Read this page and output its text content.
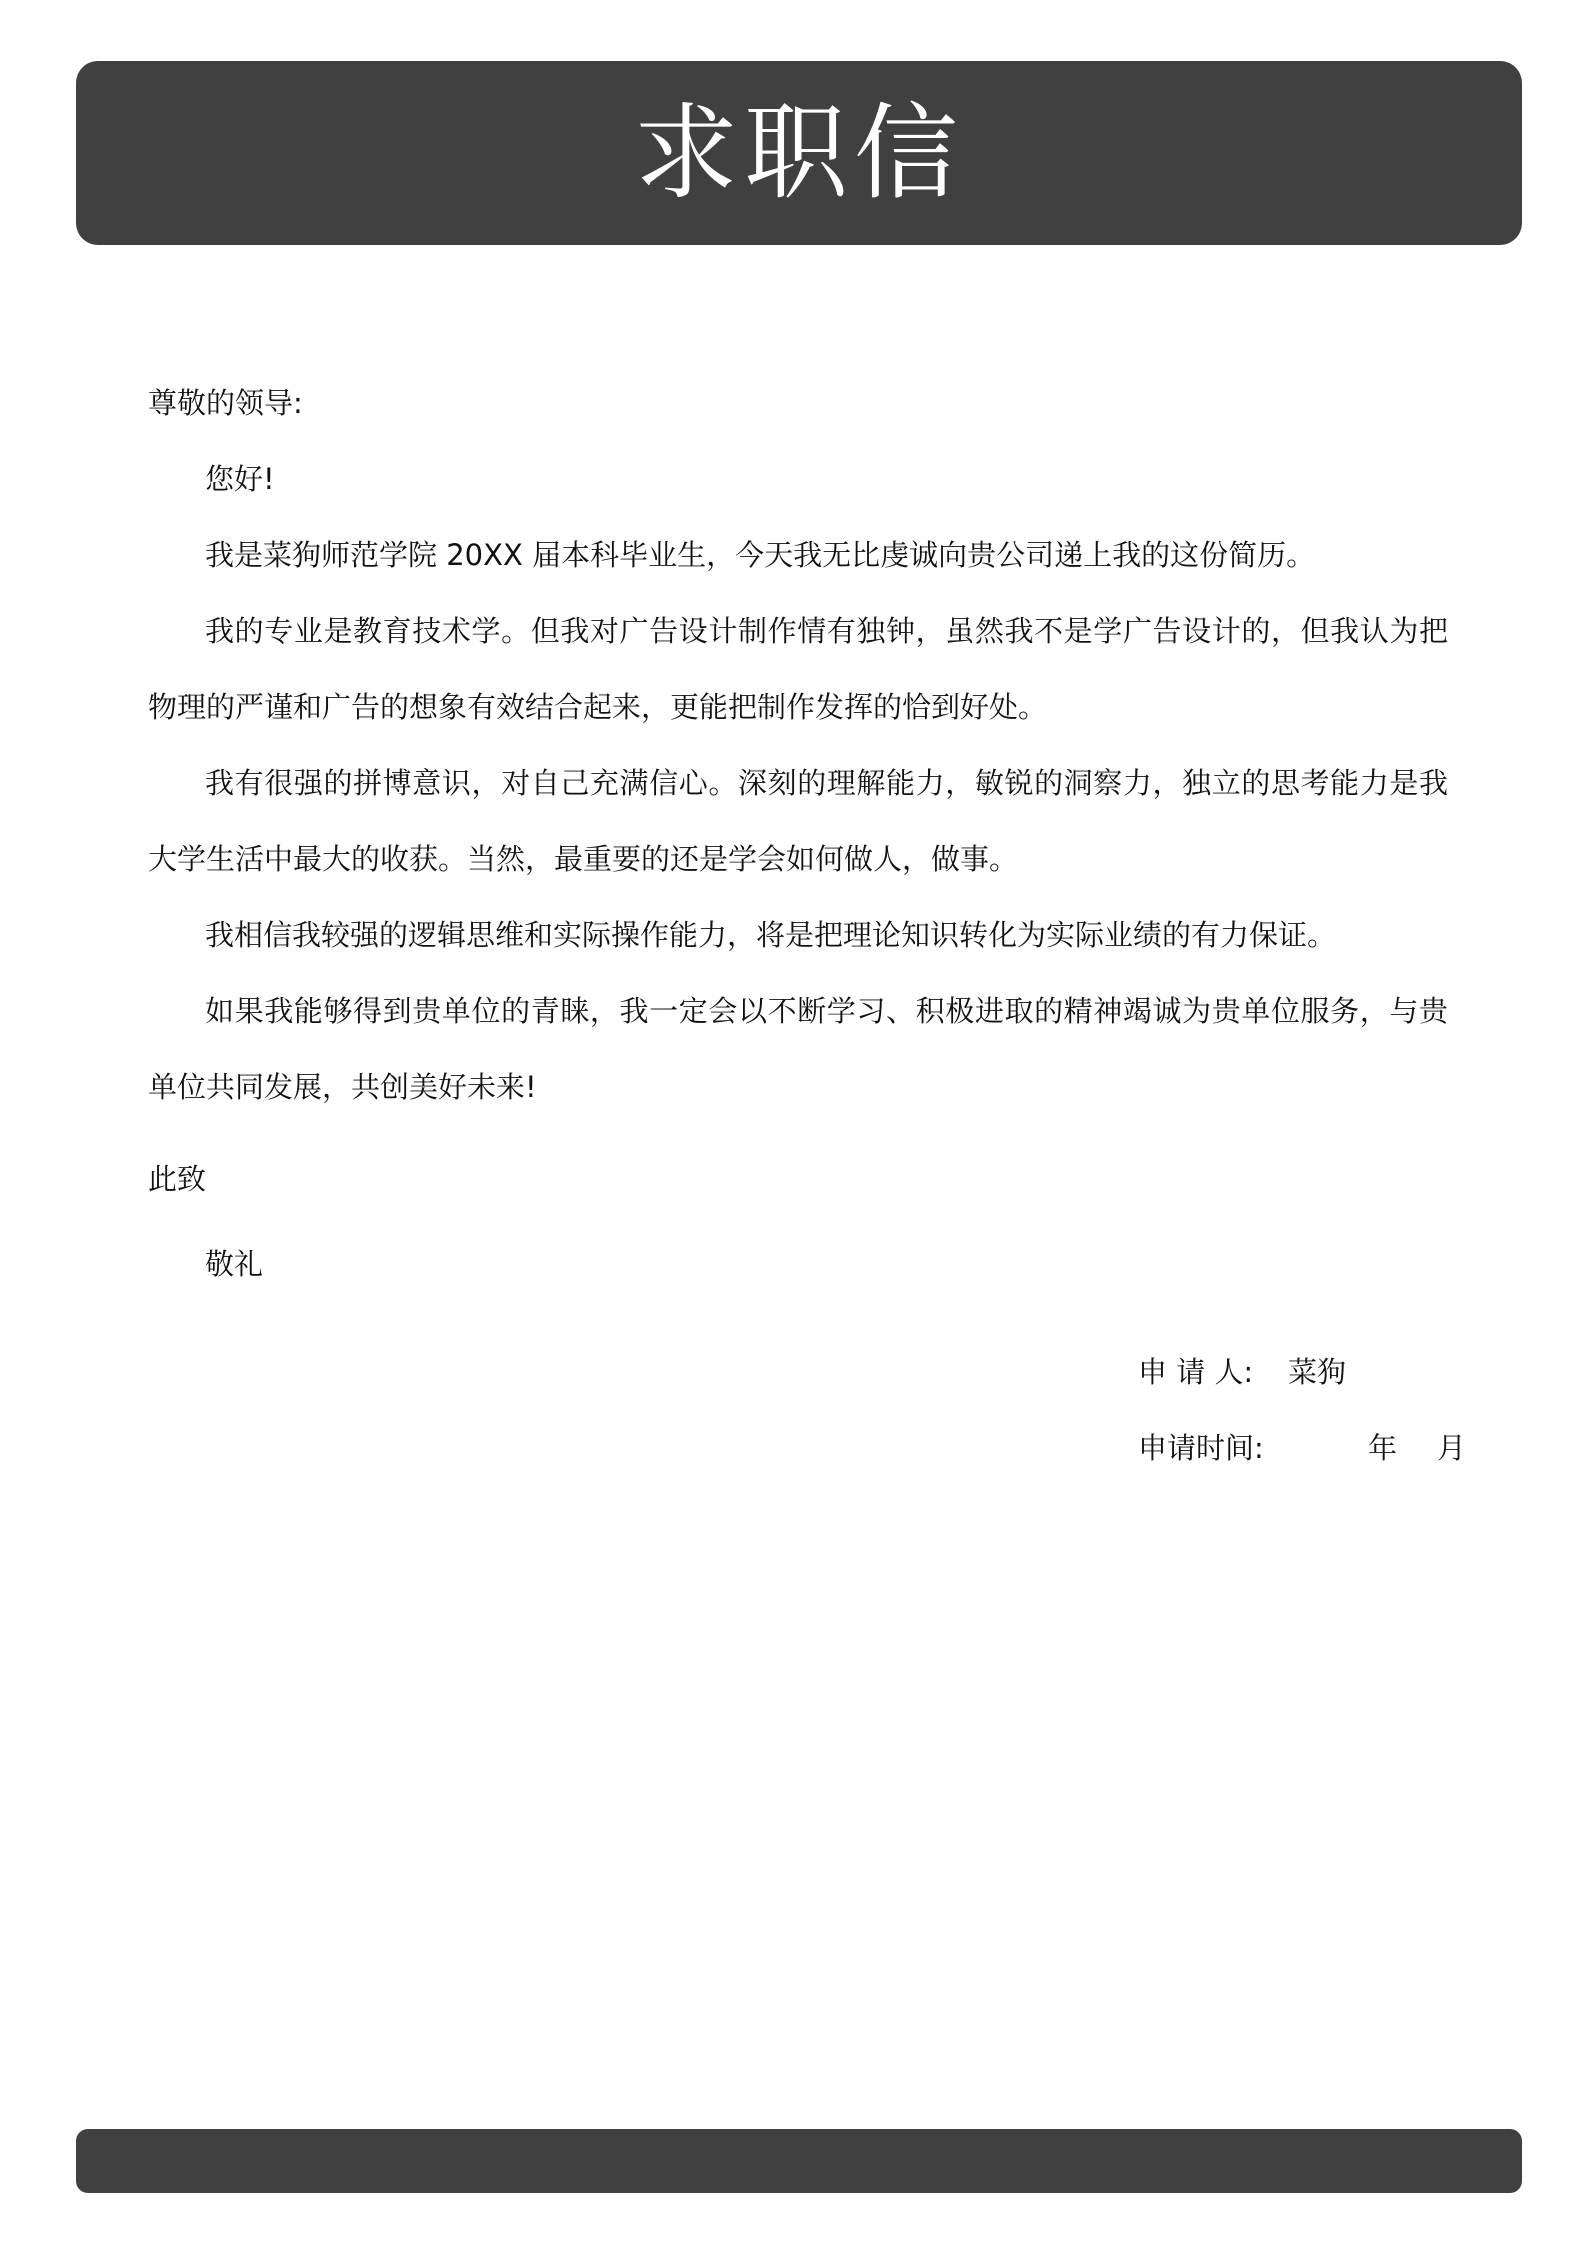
求职信
尊敬的领导:
您好!
我是菜狗师范学院 20XX 届本科毕业生，今天我无比虔诚向贵公司递上我的这份简历。
我的专业是教育技术学。但我对广告设计制作情有独钟，虽然我不是学广告设计的，但我认为把
物理的严谨和广告的想象有效结合起来，更能把制作发挥的恰到好处。
我有很强的拼博意识，对自己充满信心。深刻的理解能力，敏锐的洞察力，独立的思考能力是我
大学生活中最大的收获。当然，最重要的还是学会如何做人，做事。
我相信我较强的逻辑思维和实际操作能力，将是把理论知识转化为实际业绩的有力保证。
如果我能够得到贵单位的青睐，我一定会以不断学习、积极进取的精神竭诚为贵单位服务，与贵
单位共同发展，共创美好未来!
此致
敬礼
申 请 人: 菜狗
申请时间:	年 月
